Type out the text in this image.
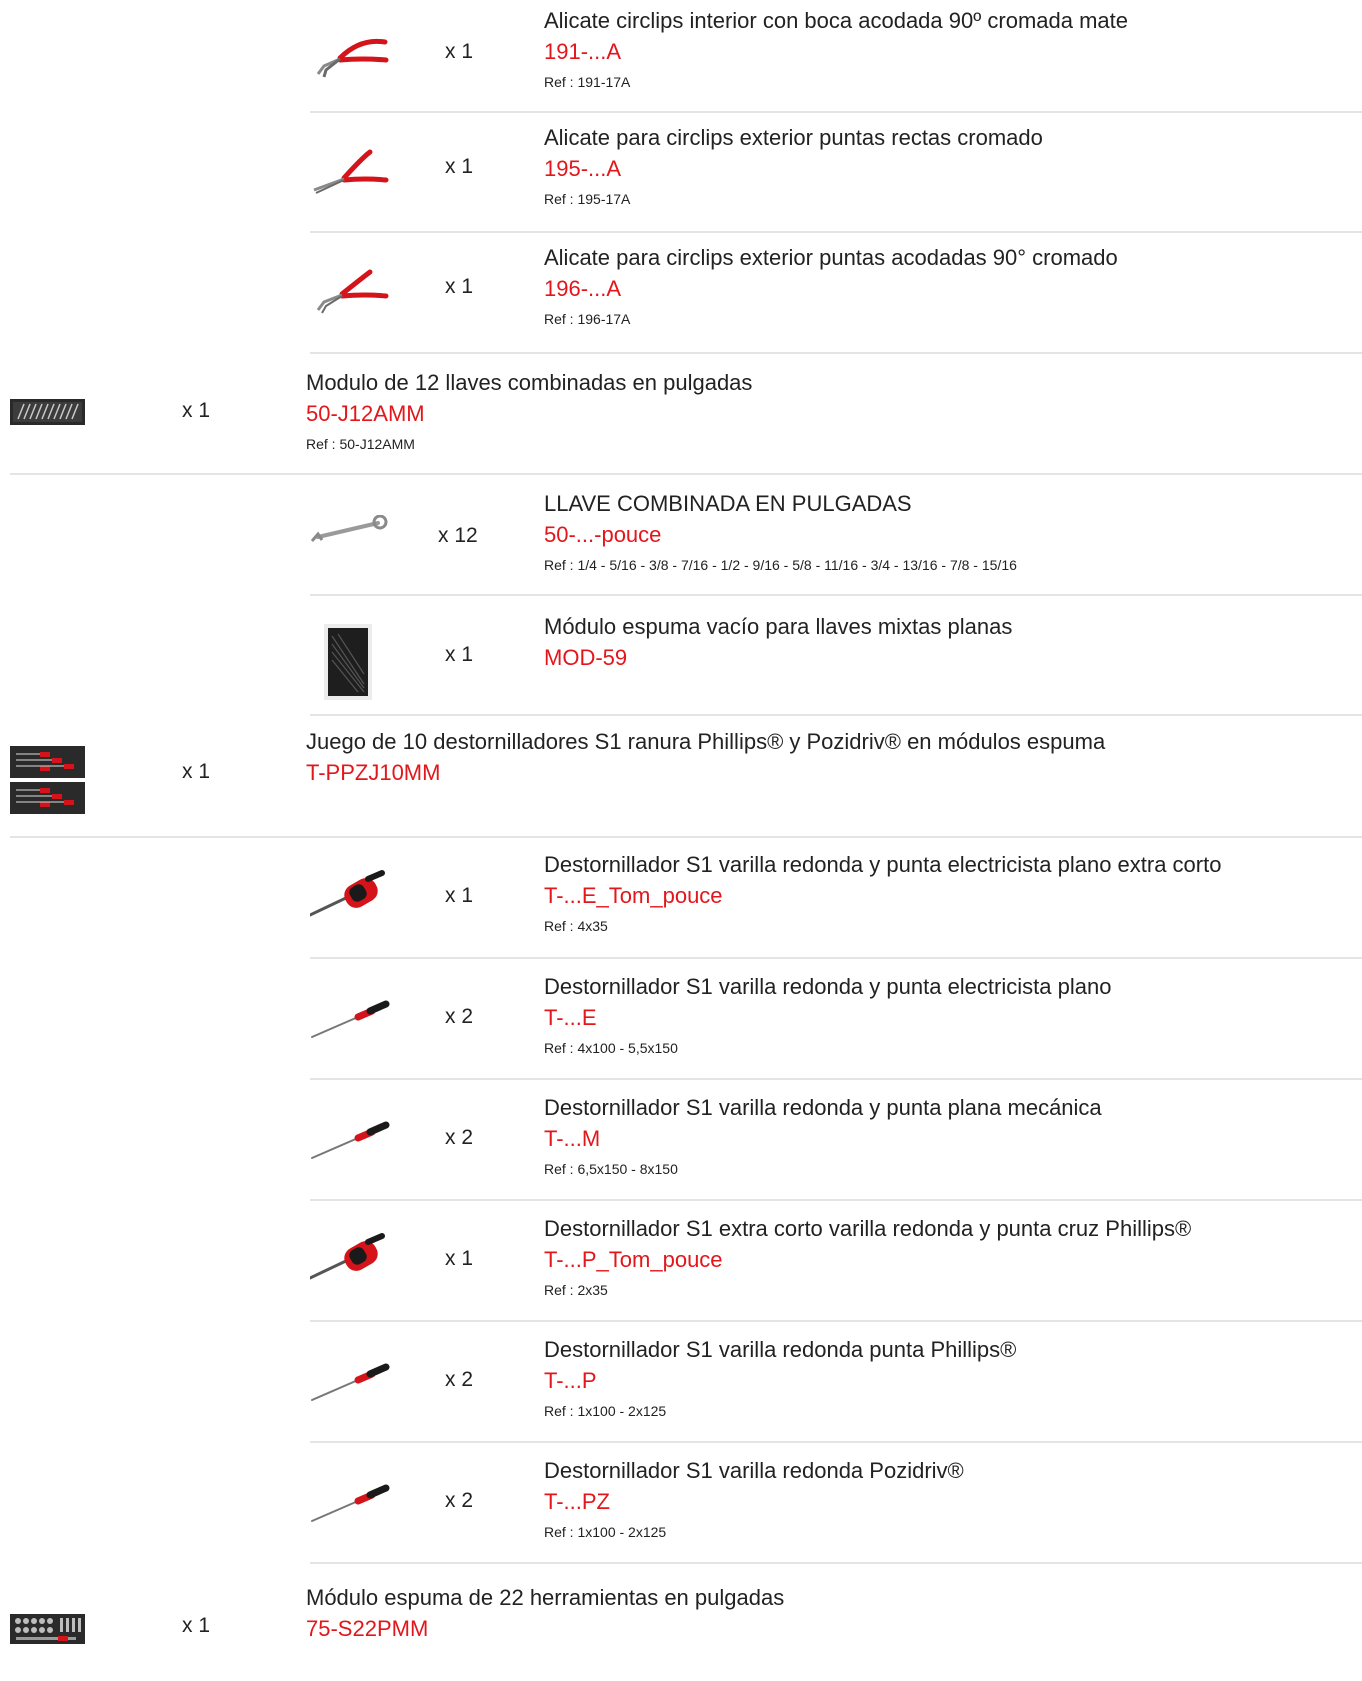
x 1
Alicate circlips interior con boca acodada 90º cromada mate
191-...A
Ref : 191-17A
x 1
Alicate para circlips exterior puntas rectas cromado
195-...A
Ref : 195-17A
x 1
Alicate para circlips exterior puntas acodadas 90° cromado
196-...A
Ref : 196-17A
x 1
Modulo de 12 llaves combinadas en pulgadas
50-J12AMM
Ref : 50-J12AMM
x 12
LLAVE COMBINADA EN PULGADAS
50-...-pouce
Ref : 1/4 - 5/16 - 3/8 - 7/16 - 1/2 - 9/16 - 5/8 - 11/16 - 3/4 - 13/16 - 7/8 - 15/16
x 1
Módulo espuma vacío para llaves mixtas planas
MOD-59
x 1
Juego de 10 destornilladores S1 ranura Phillips® y Pozidriv® en módulos espuma
T-PPZJ10MM
x 1
Destornillador S1 varilla redonda y punta electricista plano extra corto
T-...E_Tom_pouce
Ref : 4x35
x 2
Destornillador S1 varilla redonda y punta electricista plano
T-...E
Ref : 4x100 - 5,5x150
x 2
Destornillador S1 varilla redonda y punta plana mecánica
T-...M
Ref : 6,5x150 - 8x150
x 1
Destornillador S1 extra corto varilla redonda y punta cruz Phillips®
T-...P_Tom_pouce
Ref : 2x35
x 2
Destornillador S1 varilla redonda punta Phillips®
T-...P
Ref : 1x100 - 2x125
x 2
Destornillador S1 varilla redonda Pozidriv®
T-...PZ
Ref : 1x100 - 2x125
x 1
Módulo espuma de 22 herramientas en pulgadas
75-S22PMM
